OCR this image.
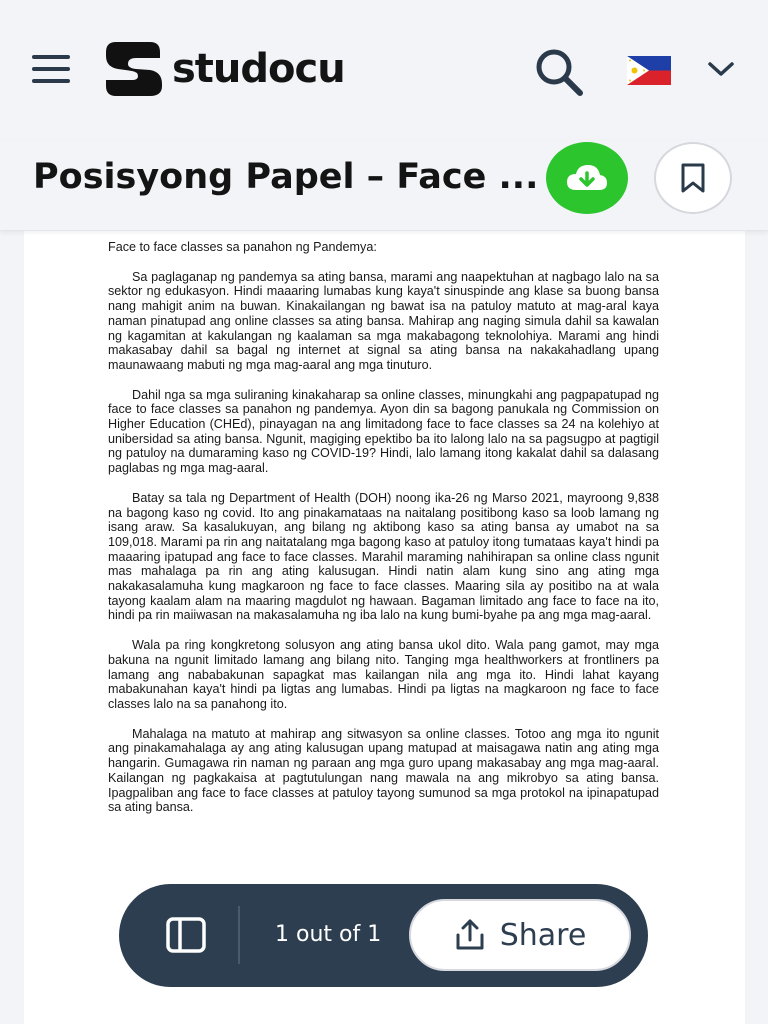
studocu
Posisyong Papel – Face ...

Face to face classes sa panahon ng Pandemya:

Sa paglaganap ng pandemya sa ating bansa, marami ang naapektuhan at nagbago lalo na sa sektor ng edukasyon. Hindi maaaring lumabas kung kaya't sinuspinde ang klase sa buong bansa nang mahigit anim na buwan. Kinakailangan ng bawat isa na patuloy matuto at mag-aral kaya naman pinatupad ang online classes sa ating bansa. Mahirap ang naging simula dahil sa kawalan ng kagamitan at kakulangan ng kaalaman sa mga makabagong teknolohiya. Marami ang hindi makasabay dahil sa bagal ng internet at signal sa ating bansa na nakakahadlang upang maunawaang mabuti ng mga mag-aaral ang mga tinuturo.

Dahil nga sa mga suliraning kinakaharap sa online classes, minungkahi ang pagpapatupad ng face to face classes sa panahon ng pandemya. Ayon din sa bagong panukala ng Commission on Higher Education (CHEd), pinayagan na ang limitadong face to face classes sa 24 na kolehiyo at unibersidad sa ating bansa. Ngunit, magiging epektibo ba ito lalong lalo na sa pagsugpo at pagtigil ng patuloy na dumaraming kaso ng COVID-19? Hindi, lalo lamang itong kakalat dahil sa dalasang paglabas ng mga mag-aaral.

Batay sa tala ng Department of Health (DOH) noong ika-26 ng Marso 2021, mayroong 9,838 na bagong kaso ng covid. Ito ang pinakamataas na naitalang positibong kaso sa loob lamang ng isang araw. Sa kasalukuyan, ang bilang ng aktibong kaso sa ating bansa ay umabot na sa 109,018. Marami pa rin ang naitatalang mga bagong kaso at patuloy itong tumataas kaya't hindi pa maaaring ipatupad ang face to face classes. Marahil maraming nahihirapan sa online class ngunit mas mahalaga pa rin ang ating kalusugan. Hindi natin alam kung sino ang ating mga nakakasalamuha kung magkaroon ng face to face classes. Maaring sila ay positibo na at wala tayong kaalam alam na maaring magdulot ng hawaan. Bagaman limitado ang face to face na ito, hindi pa rin maiiwasan na makasalamuha ng iba lalo na kung bumi-byahe pa ang mga mag-aaral.

Wala pa ring kongkretong solusyon ang ating bansa ukol dito. Wala pang gamot, may mga bakuna na ngunit limitado lamang ang bilang nito. Tanging mga healthworkers at frontliners pa lamang ang nababakunan sapagkat mas kailangan nila ang mga ito. Hindi lahat kayang mabakunahan kaya't hindi pa ligtas ang lumabas. Hindi pa ligtas na magkaroon ng face to face classes lalo na sa panahong ito.

Mahalaga na matuto at mahirap ang sitwasyon sa online classes. Totoo ang mga ito ngunit ang pinakamahalaga ay ang ating kalusugan upang matupad at maisagawa natin ang ating mga hangarin. Gumagawa rin naman ng paraan ang mga guro upang makasabay ang mga mag-aaral. Kailangan ng pagkakaisa at pagtutulungan nang mawala na ang mikrobyo sa ating bansa. Ipagpaliban ang face to face classes at patuloy tayong sumunod sa mga protokol na ipinapatupad sa ating bansa.

1 out of 1	Share
